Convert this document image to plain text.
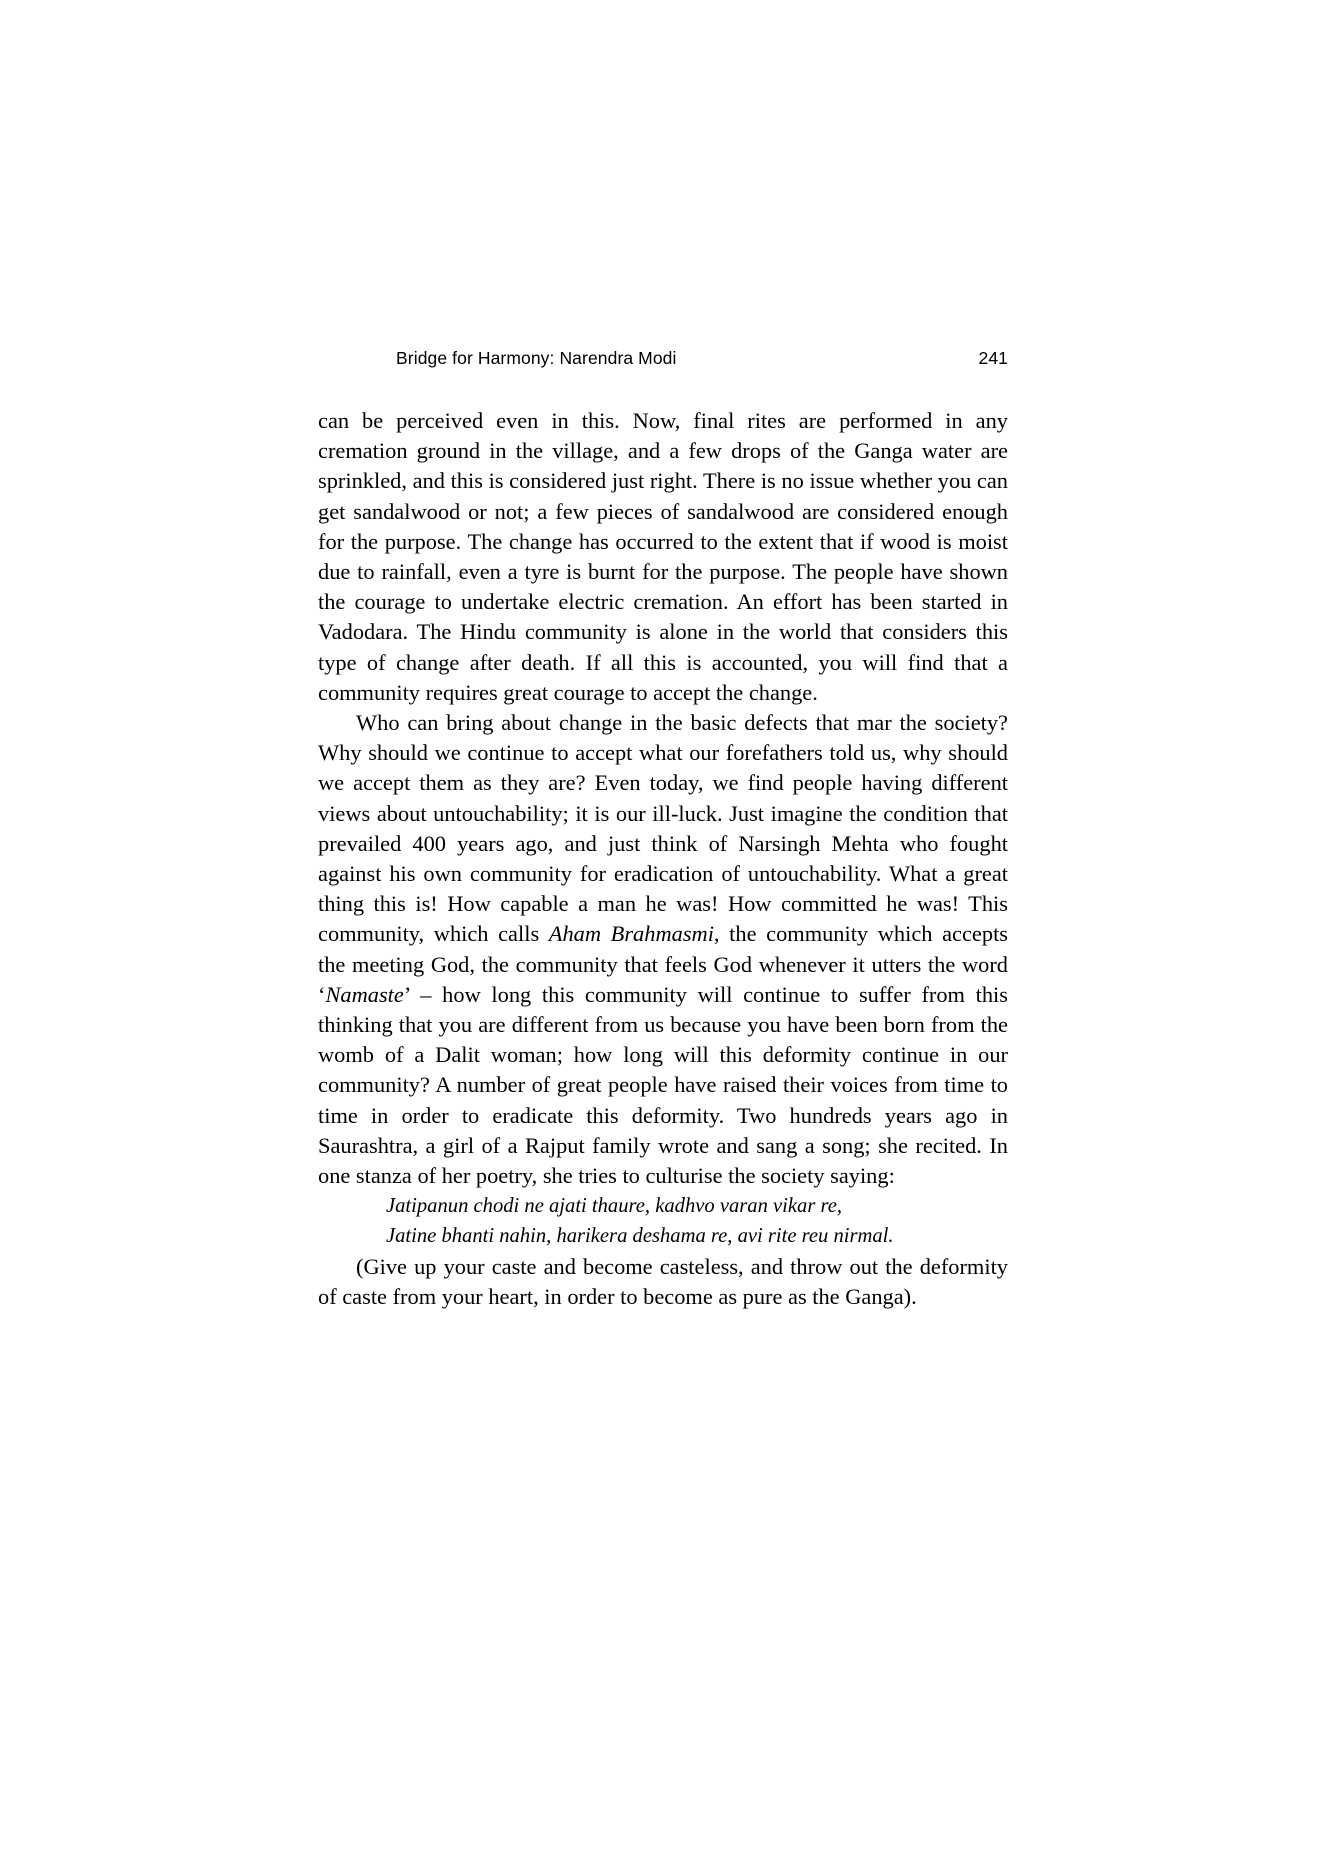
Bridge for Harmony: Narendra Modi	241

can be perceived even in this. Now, final rites are performed in any cremation ground in the village, and a few drops of the Ganga water are sprinkled, and this is considered just right. There is no issue whether you can get sandalwood or not; a few pieces of sandalwood are considered enough for the purpose. The change has occurred to the extent that if wood is moist due to rainfall, even a tyre is burnt for the purpose. The people have shown the courage to undertake electric cremation. An effort has been started in Vadodara. The Hindu community is alone in the world that considers this type of change after death. If all this is accounted, you will find that a community requires great courage to accept the change.

Who can bring about change in the basic defects that mar the society? Why should we continue to accept what our forefathers told us, why should we accept them as they are? Even today, we find people having different views about untouchability; it is our ill-luck. Just imagine the condition that prevailed 400 years ago, and just think of Narsingh Mehta who fought against his own community for eradication of untouchability. What a great thing this is! How capable a man he was! How committed he was! This community, which calls Aham Brahmasmi, the community which accepts the meeting God, the community that feels God whenever it utters the word ‘Namaste’ – how long this community will continue to suffer from this thinking that you are different from us because you have been born from the womb of a Dalit woman; how long will this deformity continue in our community? A number of great people have raised their voices from time to time in order to eradicate this deformity. Two hundreds years ago in Saurashtra, a girl of a Rajput family wrote and sang a song; she recited. In one stanza of her poetry, she tries to culturise the society saying:

Jatipanun chodi ne ajati thaure, kadhvo varan vikar re,
Jatine bhanti nahin, harikera deshama re, avi rite reu nirmal.

(Give up your caste and become casteless, and throw out the deformity of caste from your heart, in order to become as pure as the Ganga).
